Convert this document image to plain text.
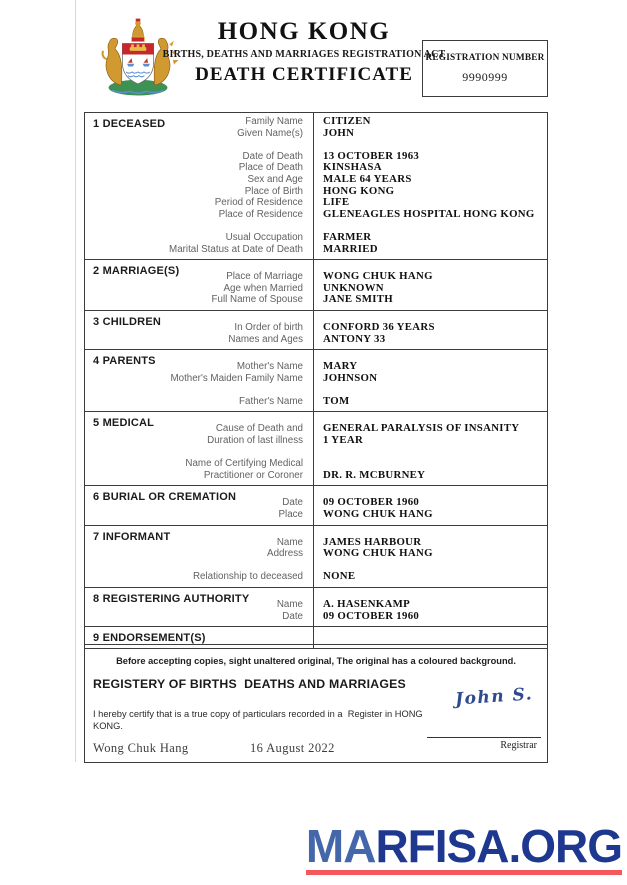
HONG KONG
BIRTHS, DEATHS AND MARRIAGES REGISTRATION ACT
DEATH CERTIFICATE
REGISTRATION NUMBER
9990999
1 DECEASED	Family Name	CITIZEN
Given Name(s)	JOHN
Date of Death	13 OCTOBER 1963
Place of Death	KINSHASA
Sex and Age	MALE 64 YEARS
Place of Birth	HONG KONG
Period of Residence	LIFE
Place of Residence	GLENEAGLES HOSPITAL HONG KONG
Usual Occupation	FARMER
Marital Status at Date of Death	MARRIED
2 MARRIAGE(S)	Place of Marriage	WONG CHUK HANG
Age when Married	UNKNOWN
Full Name of Spouse	JANE SMITH
3 CHILDREN	In Order of birth	CONFORD 36 YEARS
Names and Ages	ANTONY 33
4 PARENTS	Mother's Name	MARY
Mother's Maiden Family Name	JOHNSON
Father's Name	TOM
5 MEDICAL	Cause of Death and	GENERAL PARALYSIS OF INSANITY
Duration of last illness	1 YEAR
Name of Certifying Medical
Practitioner or Coroner	DR. R. MCBURNEY
6 BURIAL OR CREMATION	Date	09 OCTOBER 1960
Place	WONG CHUK HANG
7 INFORMANT	Name	JAMES HARBOUR
Address	WONG CHUK HANG
Relationship to deceased	NONE
8 REGISTERING AUTHORITY	Name	A. HASENKAMP
Date	09 OCTOBER 1960
9 ENDORSEMENT(S)
Before accepting copies, sight unaltered original, The original has a coloured background.
REGISTERY OF BIRTHS  DEATHS AND MARRIAGES
I hereby certify that is a true copy of particulars recorded in a  Register in HONG KONG.
John S.
Registrar
Wong Chuk Hang	16 August 2022
MARFISA.ORG
